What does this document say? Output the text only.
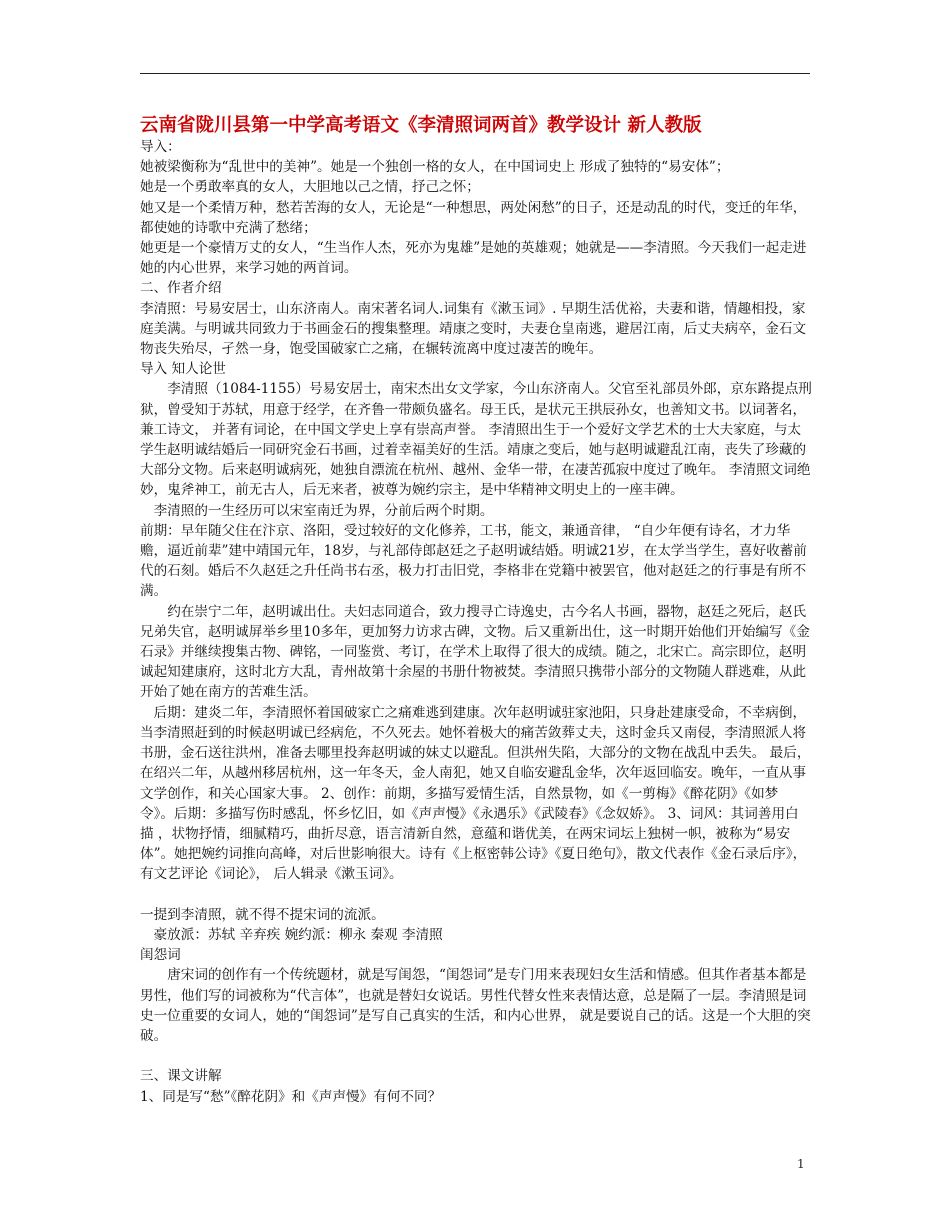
云南省陇川县第一中学高考语文《李清照词两首》教学设计 新人教版

导入：

她被梁衡称为“乱世中的美神”。她是一个独创一格的女人，在中国词史上 形成了独特的“易安体”；

她是一个勇敢率真的女人，大胆地以己之情，抒己之怀；

她又是一个柔情万种，愁若苦海的女人，无论是“一种想思，两处闲愁”的日子，还是动乱的时代，变迁的年华，都使她的诗歌中充满了愁绪；

她更是一个豪情万丈的女人，“生当作人杰，死亦为鬼雄”是她的英雄观；她就是——李清照。今天我们一起走进她的内心世界，来学习她的两首词。

二、作者介绍

李清照：号易安居士，山东济南人。南宋著名词人.词集有《漱玉词》. 早期生活优裕，夫妻和谐，情趣相投，家庭美满。与明诚共同致力于书画金石的搜集整理。靖康之变时，夫妻仓皇南逃，避居江南，后丈夫病卒，金石文物丧失殆尽，孑然一身，饱受国破家亡之痛，在辗转流离中度过凄苦的晚年。

导入 知人论世

李清照（1084-1155）号易安居士，南宋杰出女文学家，今山东济南人。父官至礼部员外郎，京东路提点刑狱，曾受知于苏轼，用意于经学，在齐鲁一带颇负盛名。母王氏，是状元王拱辰孙女，也善知文书。以词著名，兼工诗文， 并著有词论，在中国文学史上享有崇高声誉。 李清照出生于一个爱好文学艺术的士大夫家庭，与太学生赵明诚结婚后一同研究金石书画，过着幸福美好的生活。靖康之变后，她与赵明诚避乱江南，丧失了珍藏的大部分文物。后来赵明诚病死，她独自漂流在杭州、越州、金华一带，在凄苦孤寂中度过了晚年。 李清照文词绝妙，鬼斧神工，前无古人，后无来者，被尊为婉约宗主，是中华精神文明史上的一座丰碑。

李清照的一生经历可以宋室南迁为界，分前后两个时期。

前期：早年随父住在汴京、洛阳，受过较好的文化修养，工书，能文，兼通音律， “自少年便有诗名，才力华赡，逼近前辈”建中靖国元年，18岁，与礼部侍郎赵廷之子赵明诚结婚。明诚21岁，在太学当学生，喜好收蓄前代的石刻。婚后不久赵廷之升任尚书右丞，极力打击旧党，李格非在党籍中被罢官，他对赵廷之的行事是有所不满。

约在崇宁二年，赵明诚出仕。夫妇志同道合，致力搜寻亡诗逸史，古今名人书画，器物，赵廷之死后，赵氏兄弟失官，赵明诚屏举乡里10多年，更加努力访求古碑，文物。后又重新出仕，这一时期开始他们开始编写《金石录》并继续搜集古物、碑铭，一同鉴赏、考订，在学术上取得了很大的成绩。随之，北宋亡。高宗即位，赵明诚起知建康府，这时北方大乱，青州故第十余屋的书册什物被焚。李清照只携带小部分的文物随人群逃难，从此开始了她在南方的苦难生活。

后期：建炎二年，李清照怀着国破家亡之痛难逃到建康。次年赵明诚驻家池阳，只身赴建康受命，不幸病倒，当李清照赶到的时候赵明诚已经病危，不久死去。她怀着极大的痛苦敛葬丈夫，这时金兵又南侵，李清照派人将书册，金石送往洪州，准备去哪里投奔赵明诚的妹丈以避乱。但洪州失陷，大部分的文物在战乱中丢失。 最后，在绍兴二年，从越州移居杭州，这一年冬天，金人南犯，她又自临安避乱金华，次年返回临安。晚年，一直从事文学创作，和关心国家大事。 2、创作：前期，多描写爱情生活，自然景物，如《一剪梅》《醉花阴》《如梦令》。后期：多描写伤时感乱，怀乡忆旧，如《声声慢》《永遇乐》《武陵春》《念奴娇》。 3、词风：其词善用白描 ，状物抒情，细腻精巧，曲折尽意，语言清新自然，意蕴和谐优美，在两宋词坛上独树一帜，被称为“易安体”。她把婉约词推向高峰，对后世影响很大。诗有《上枢密韩公诗》《夏日绝句》，散文代表作《金石录后序》，有文艺评论《词论》， 后人辑录《漱玉词》。

一提到李清照，就不得不提宋词的流派。

豪放派：苏轼 辛弃疾 婉约派：柳永 秦观 李清照

闺怨词

唐宋词的创作有一个传统题材，就是写闺怨，“闺怨词”是专门用来表现妇女生活和情感。但其作者基本都是男性，他们写的词被称为“代言体”，也就是替妇女说话。男性代替女性来表情达意，总是隔了一层。李清照是词史一位重要的女词人，她的“闺怨词”是写自己真实的生活，和内心世界， 就是要说自己的话。这是一个大胆的突破。

三、课文讲解

1、同是写“愁”《醉花阴》和《声声慢》有何不同？

1
